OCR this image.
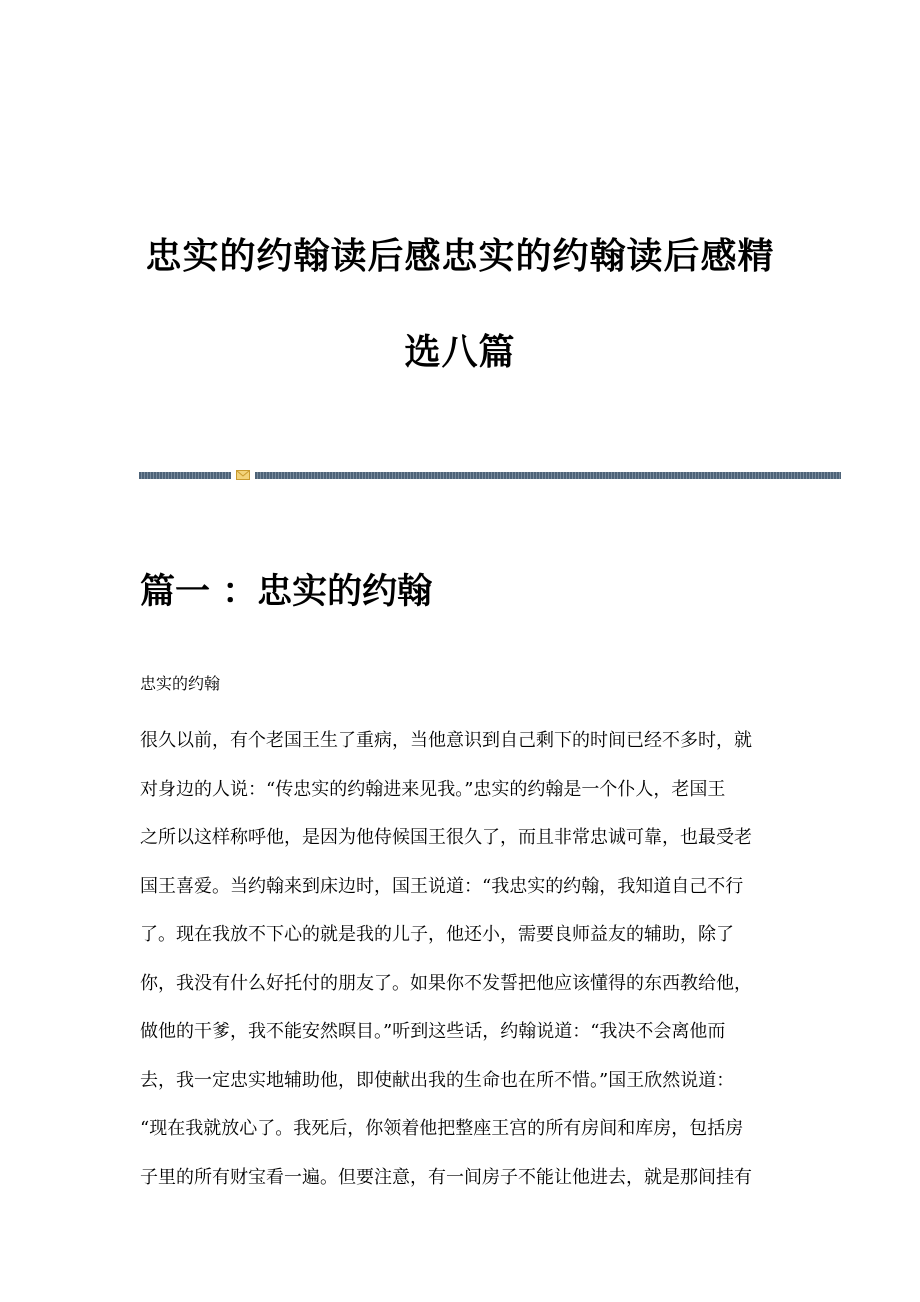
忠实的约翰读后感忠实的约翰读后感精
选八篇
篇一 ：忠实的约翰
忠实的约翰
很久以前，有个老国王生了重病，当他意识到自己剩下的时间已经不多时，就
对身边的人说：“传忠实的约翰进来见我。”忠实的约翰是一个仆人，老国王
之所以这样称呼他，是因为他侍候国王很久了，而且非常忠诚可靠，也最受老
国王喜爱。当约翰来到床边时，国王说道：“我忠实的约翰，我知道自己不行
了。现在我放不下心的就是我的儿子，他还小，需要良师益友的辅助，除了
你，我没有什么好托付的朋友了。如果你不发誓把他应该懂得的东西教给他，
做他的干爹，我不能安然暝目。”听到这些话，约翰说道：“我决不会离他而
去，我一定忠实地辅助他，即使献出我的生命也在所不惜。”国王欣然说道：
“现在我就放心了。我死后，你领着他把整座王宫的所有房间和库房，包括房
子里的所有财宝看一遍。但要注意，有一间房子不能让他进去，就是那间挂有
